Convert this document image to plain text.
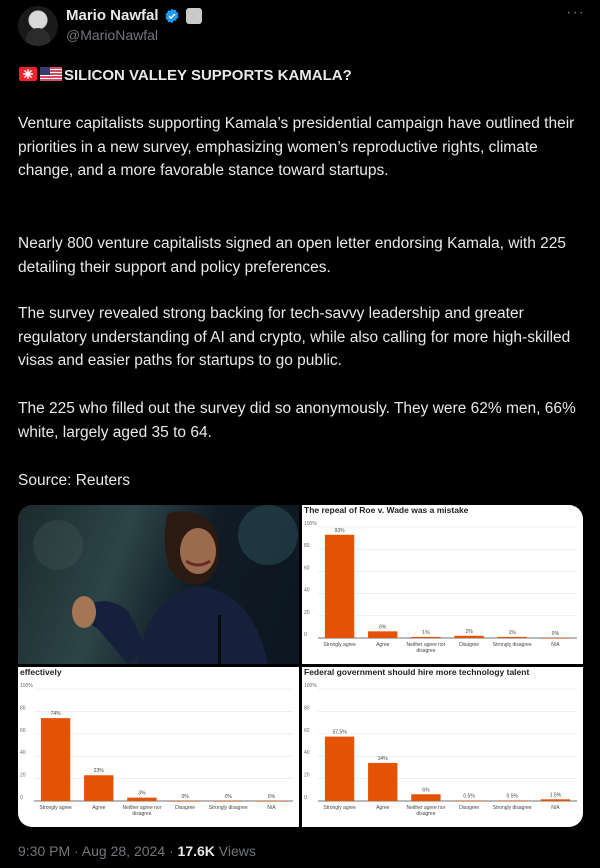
Mario Nawfal
@MarioNawfal
···
SILICON VALLEY SUPPORTS KAMALA?
Venture capitalists supporting Kamala’s presidential campaign have outlined their priorities in a new survey, emphasizing women’s reproductive rights, climate change, and a more favorable stance toward startups.
Nearly 800 venture capitalists signed an open letter endorsing Kamala, with 225 detailing their support and policy preferences.
The survey revealed strong backing for tech-savvy leadership and greater regulatory understanding of AI and crypto, while also calling for more high-skilled visas and easier paths for startups to go public.
The 225 who filled out the survey did so anonymously. They were 62% men, 66% white, largely aged 35 to 64.
Source: Reuters
The repeal of Roe v. Wade was a mistake
100%
80
60
40
20
0
93%
Strongly agree
6%
Agree
1%
Neither agree nor
disagree
2%
Disagree
1%
Strongly disagree
0%
N/A
effectively
100%
80
60
40
20
0
74%
Strongly agree
23%
Agree
3%
Neither agree nor
disagree
0%
Disagree
0%
Strongly disagree
0%
N/A
Federal government should hire more technology talent
100%
80
60
40
20
0
57.5%
Strongly agree
34%
Agree
6%
Neither agree nor
disagree
0.5%
Disagree
0.5%
Strongly disagree
1.5%
N/A
9:30 PM · Aug 28, 2024 · 17.6K Views
